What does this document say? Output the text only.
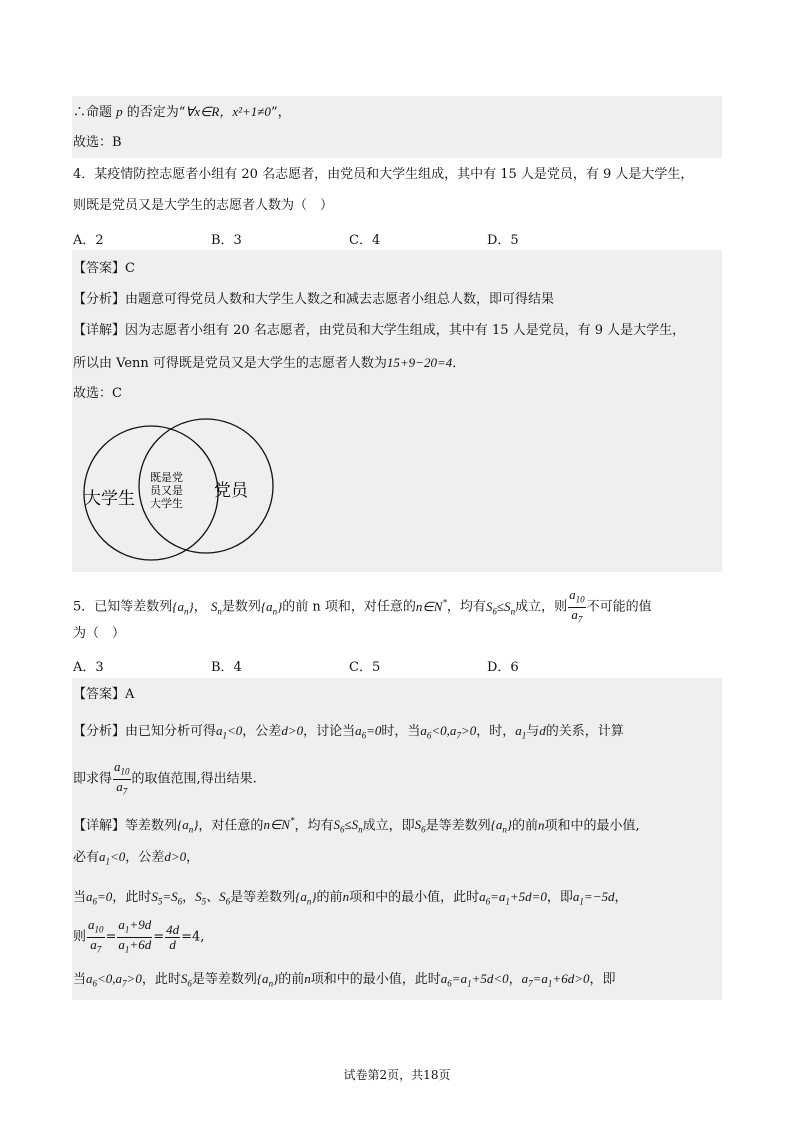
∴命题 p 的否定为“∀x∈R，x²+1≠0”，
故选：B
4．某疫情防控志愿者小组有 20 名志愿者，由党员和大学生组成，其中有 15 人是党员，有 9 人是大学生，
则既是党员又是大学生的志愿者人数为（　）
A．2	B．3	C．4	D．5
【答案】C
【分析】由题意可得党员人数和大学生人数之和减去志愿者小组总人数，即可得结果
【详解】因为志愿者小组有 20 名志愿者，由党员和大学生组成，其中有 15 人是党员，有 9 人是大学生，
所以由 Venn 可得既是党员又是大学生的志愿者人数为15+9−20=4．
故选：C
大学生	党员
既是党
员又是
大学生
5．已知等差数列$\{a_n\}$， $S_n$是数列$\{a_n\}$的前 n 项和，对任意的n∈N*，均有$S_6\le S_n$成立，则 $\frac{a_{10}}{a_7}$ 不可能的值
为（　）
A．3	B．4	C．5	D．6
【答案】A
【分析】由已知分析可得$a_1<0$，公差d>0，讨论当$a_6=0$时，当$a_6<0,a_7>0$，时，$a_1$与d的关系，计算
即求得 $\frac{a_{10}}{a_7}$ 的取值范围,得出结果.
【详解】等差数列$\{a_n\}$，对任意的n∈N*，均有$S_6\le S_n$成立，即$S_6$是等差数列$\{a_n\}$的前n项和中的最小值,
必有$a_1<0$，公差d>0，
当$a_6=0$，此时$S_5=S_6$，$S_5$、$S_6$是等差数列$\{a_n\}$的前n项和中的最小值，此时$a_6=a_1+5d=0$，即$a_1=-5d$，
则 $\frac{a_{10}}{a_7} = \frac{a_1+9d}{a_1+6d} = \frac{4d}{d} =4$,
当$a_6<0,a_7>0$，此时$S_6$是等差数列$\{a_n\}$的前n项和中的最小值，此时$a_6=a_1+5d<0$，$a_7=a_1+6d>0$，即
试卷第2页，共18页
